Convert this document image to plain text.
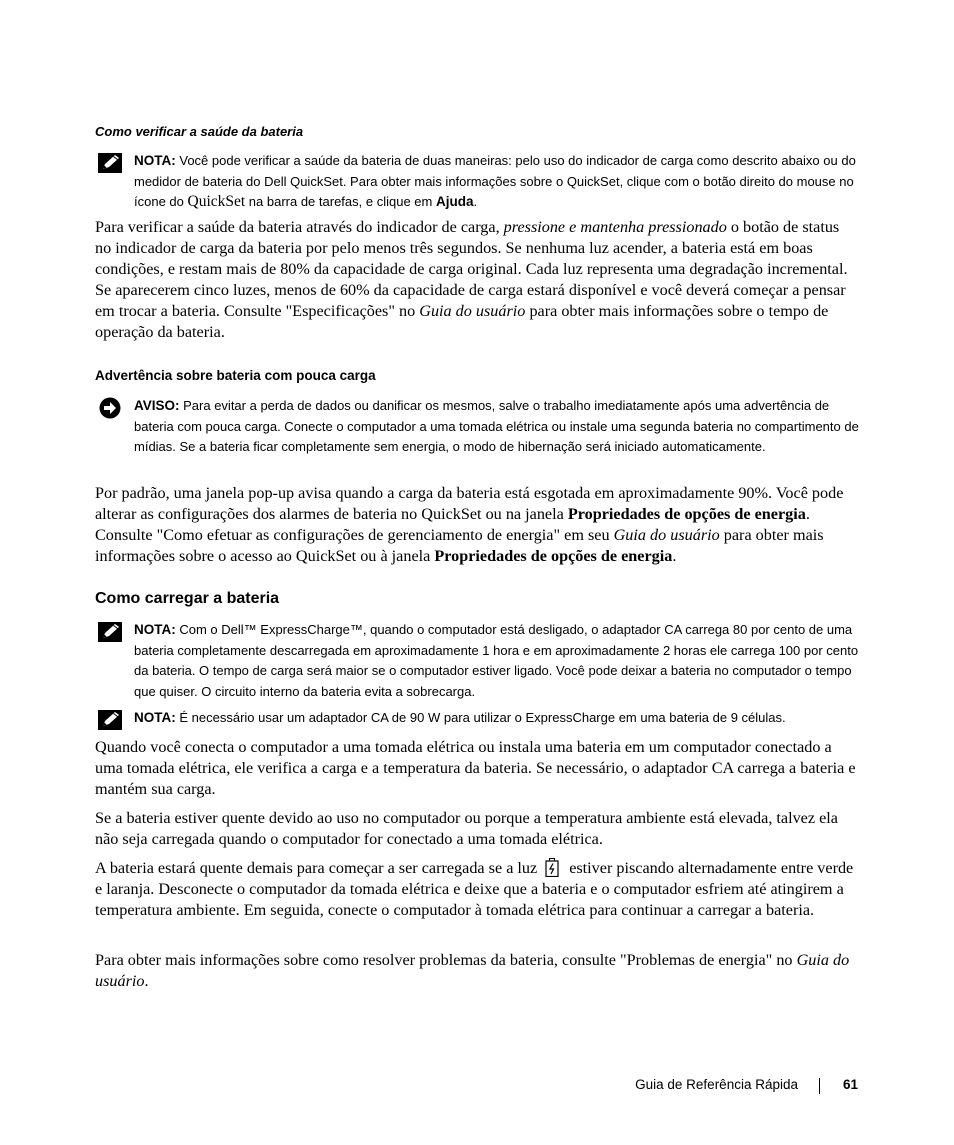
Como verificar a saúde da bateria
NOTA: Você pode verificar a saúde da bateria de duas maneiras: pelo uso do indicador de carga como descrito abaixo ou do medidor de bateria do Dell QuickSet. Para obter mais informações sobre o QuickSet, clique com o botão direito do mouse no ícone do QuickSet na barra de tarefas, e clique em Ajuda.

Para verificar a saúde da bateria através do indicador de carga, pressione e mantenha pressionado o botão de status no indicador de carga da bateria por pelo menos três segundos. Se nenhuma luz acender, a bateria está em boas condições, e restam mais de 80% da capacidade de carga original. Cada luz representa uma degradação incremental. Se aparecerem cinco luzes, menos de 60% da capacidade de carga estará disponível e você deverá começar a pensar em trocar a bateria. Consulte "Especificações" no Guia do usuário para obter mais informações sobre o tempo de operação da bateria.

Advertência sobre bateria com pouca carga
AVISO: Para evitar a perda de dados ou danificar os mesmos, salve o trabalho imediatamente após uma advertência de bateria com pouca carga. Conecte o computador a uma tomada elétrica ou instale uma segunda bateria no compartimento de mídias. Se a bateria ficar completamente sem energia, o modo de hibernação será iniciado automaticamente.

Por padrão, uma janela pop-up avisa quando a carga da bateria está esgotada em aproximadamente 90%. Você pode alterar as configurações dos alarmes de bateria no QuickSet ou na janela Propriedades de opções de energia. Consulte "Como efetuar as configurações de gerenciamento de energia" em seu Guia do usuário para obter mais informações sobre o acesso ao QuickSet ou à janela Propriedades de opções de energia.

Como carregar a bateria
NOTA: Com o Dell™ ExpressCharge™, quando o computador está desligado, o adaptador CA carrega 80 por cento de uma bateria completamente descarregada em aproximadamente 1 hora e em aproximadamente 2 horas ele carrega 100 por cento da bateria. O tempo de carga será maior se o computador estiver ligado. Você pode deixar a bateria no computador o tempo que quiser. O circuito interno da bateria evita a sobrecarga.
NOTA: É necessário usar um adaptador CA de 90 W para utilizar o ExpressCharge em uma bateria de 9 células.

Quando você conecta o computador a uma tomada elétrica ou instala uma bateria em um computador conectado a uma tomada elétrica, ele verifica a carga e a temperatura da bateria. Se necessário, o adaptador CA carrega a bateria e mantém sua carga.

Se a bateria estiver quente devido ao uso no computador ou porque a temperatura ambiente está elevada, talvez ela não seja carregada quando o computador for conectado a uma tomada elétrica.

A bateria estará quente demais para começar a ser carregada se a luz estiver piscando alternadamente entre verde e laranja. Desconecte o computador da tomada elétrica e deixe que a bateria e o computador esfriem até atingirem a temperatura ambiente. Em seguida, conecte o computador à tomada elétrica para continuar a carregar a bateria.

Para obter mais informações sobre como resolver problemas da bateria, consulte "Problemas de energia" no Guia do usuário.

Guia de Referência Rápida	61
